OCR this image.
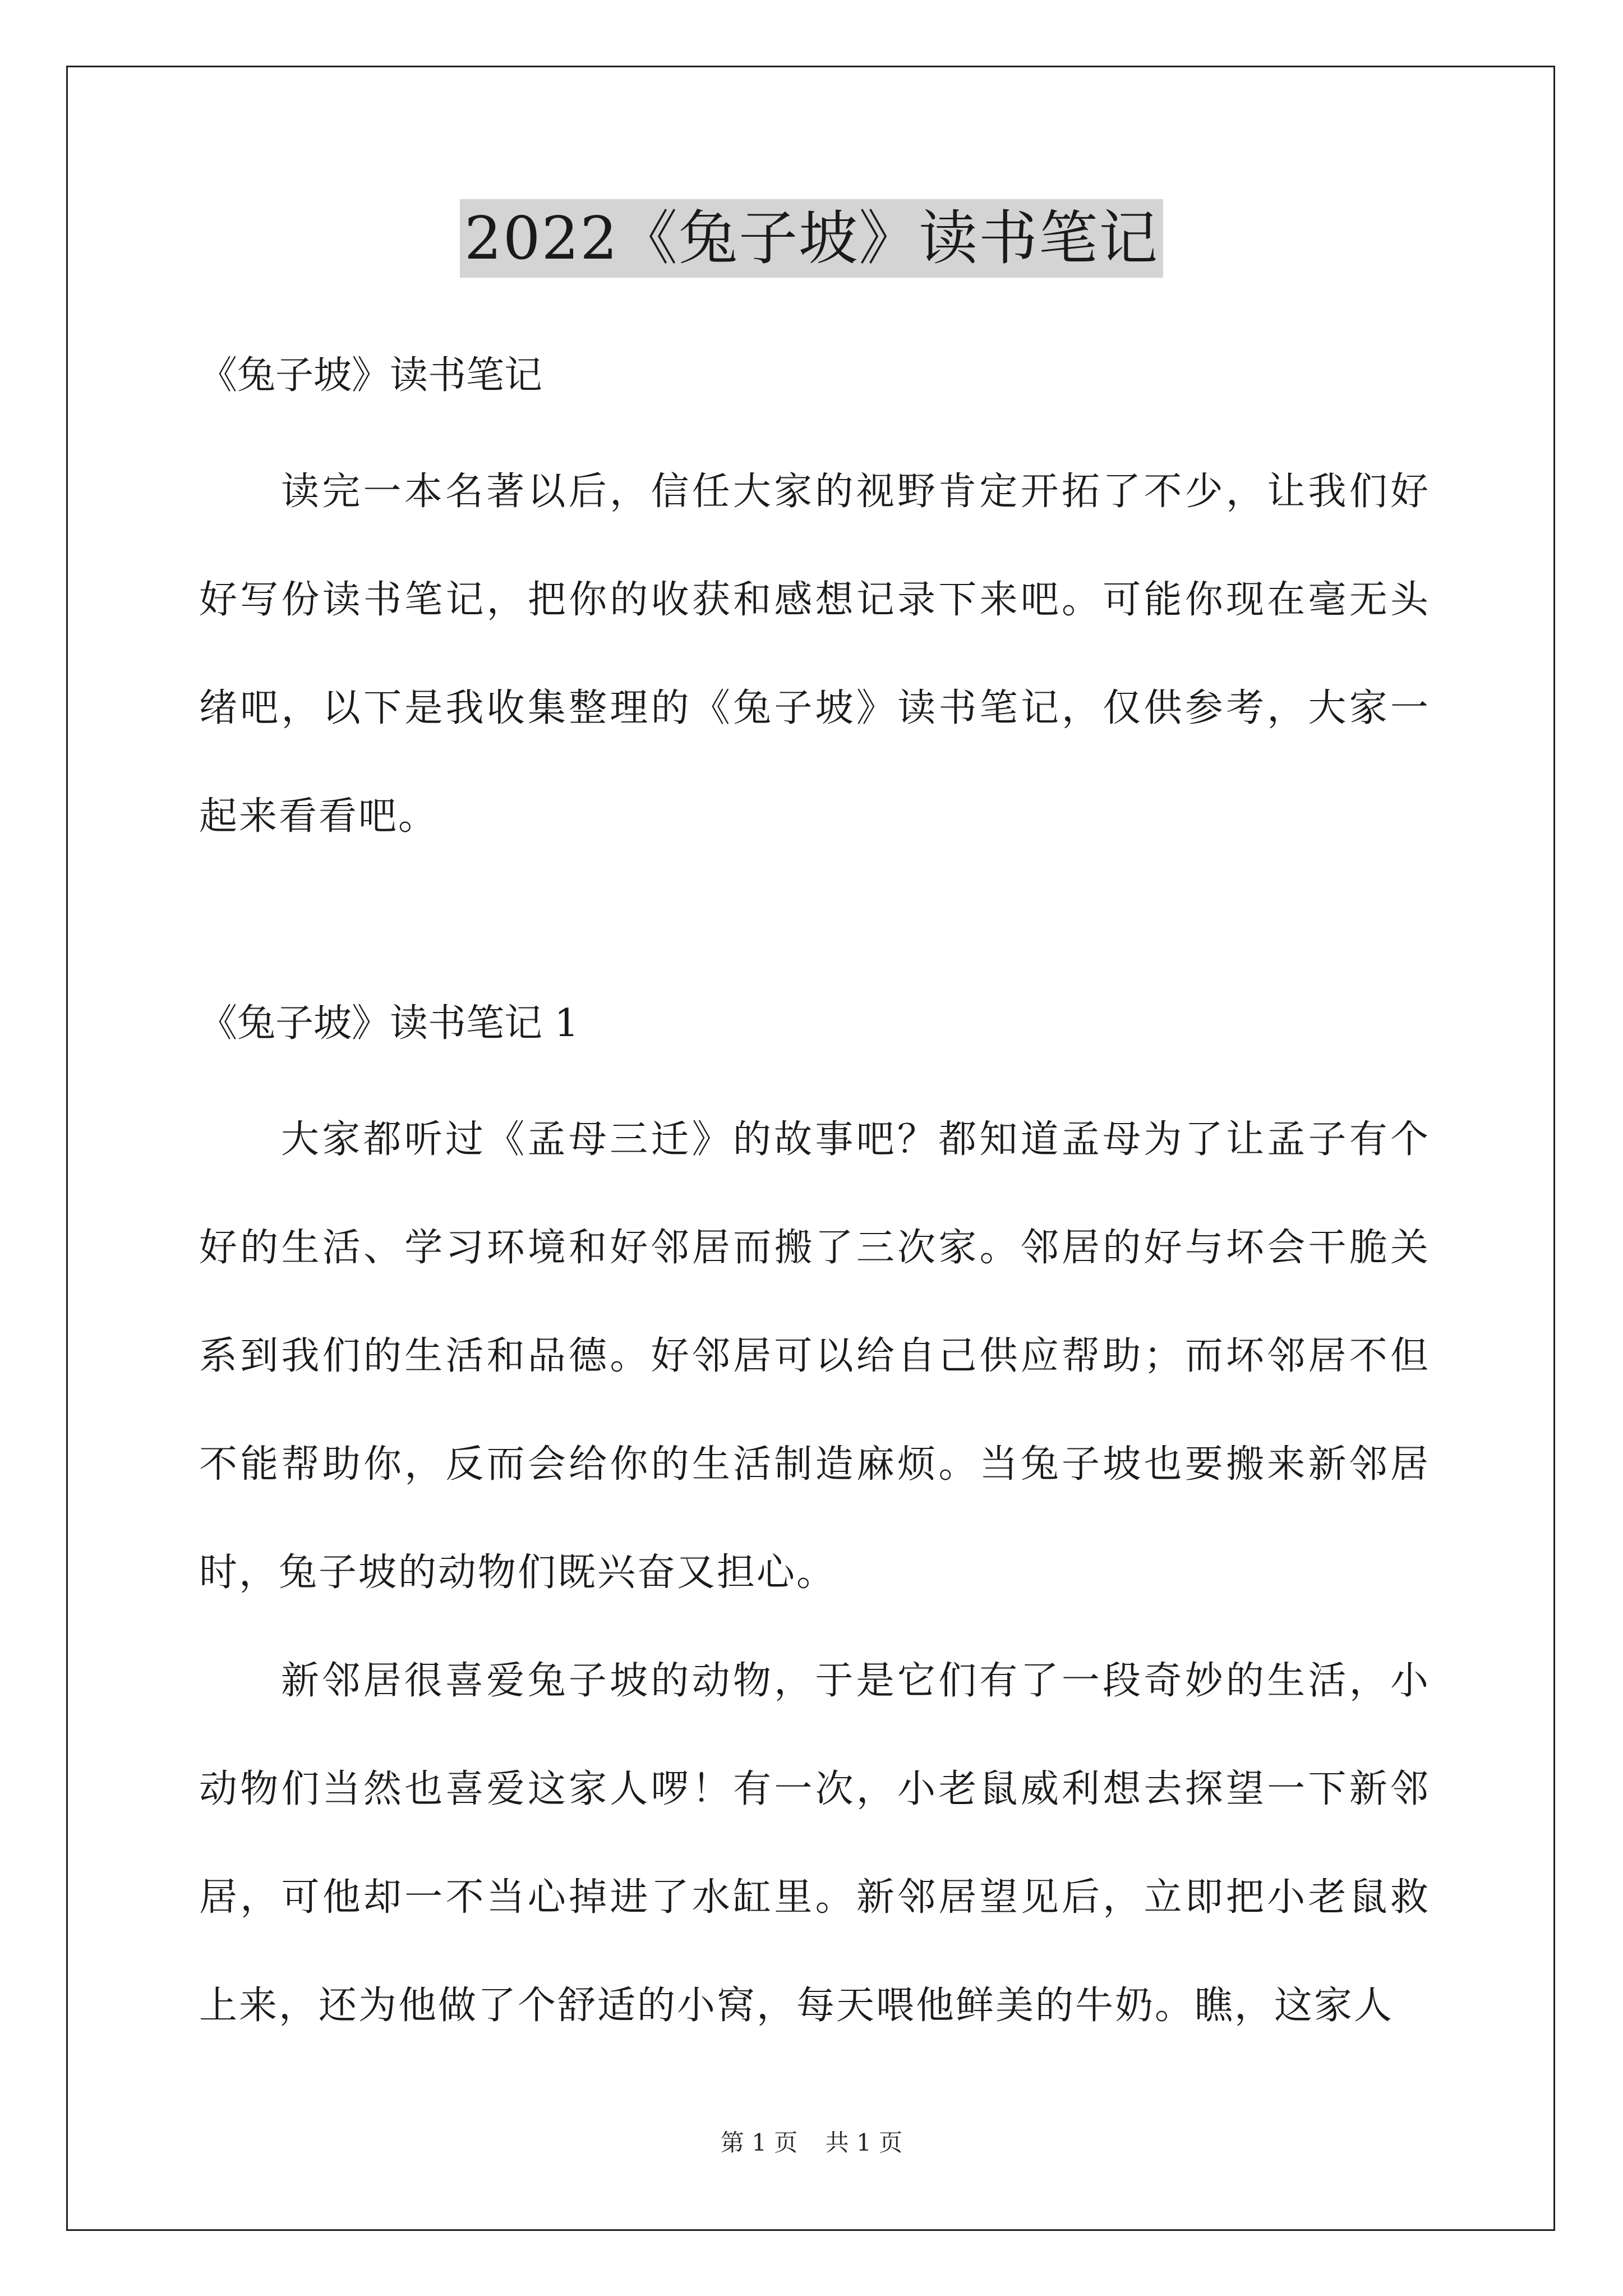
2022《兔子坡》读书笔记
《兔子坡》读书笔记

读完一本名著以后，信任大家的视野肯定开拓了不少，让我们好好写份读书笔记，把你的收获和感想记录下来吧。可能你现在毫无头绪吧，以下是我收集整理的《兔子坡》读书笔记，仅供参考，大家一起来看看吧。

《兔子坡》读书笔记 1

大家都听过《孟母三迁》的故事吧？都知道孟母为了让孟子有个好的生活、学习环境和好邻居而搬了三次家。邻居的好与坏会干脆关系到我们的生活和品德。好邻居可以给自己供应帮助；而坏邻居不但不能帮助你，反而会给你的生活制造麻烦。当兔子坡也要搬来新邻居时，兔子坡的动物们既兴奋又担心。

新邻居很喜爱兔子坡的动物，于是它们有了一段奇妙的生活，小动物们当然也喜爱这家人啰！有一次，小老鼠威利想去探望一下新邻居，可他却一不当心掉进了水缸里。新邻居望见后，立即把小老鼠救上来，还为他做了个舒适的小窝，每天喂他鲜美的牛奶。瞧，这家人

第 1 页 共 1 页
